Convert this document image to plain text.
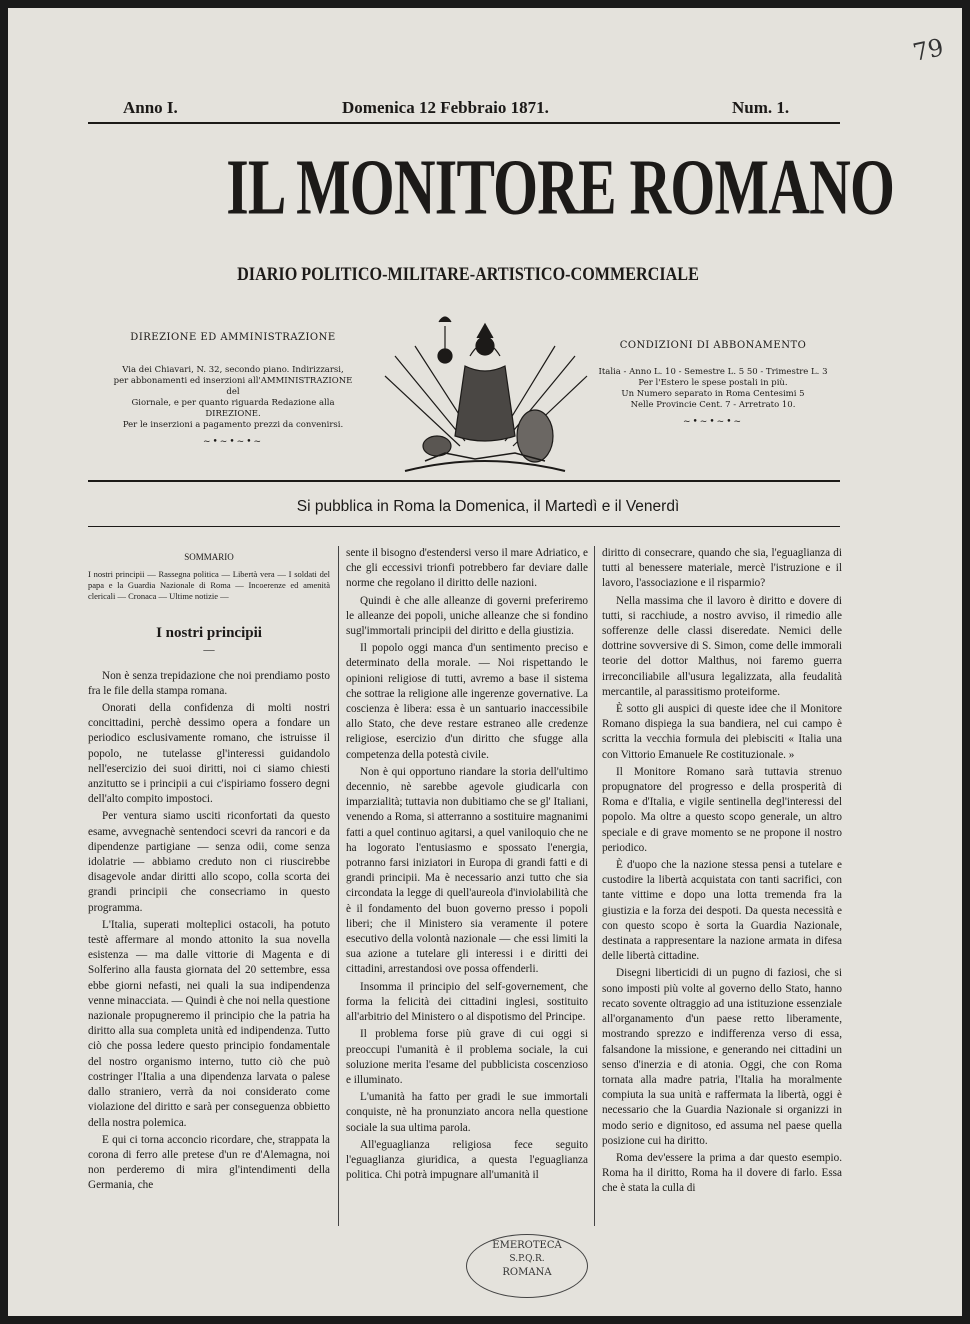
79
Anno I.	Domenica 12 Febbraio 1871.	Num. 1.
IL MONITORE ROMANO
DIARIO POLITICO-MILITARE-ARTISTICO-COMMERCIALE
DIREZIONE ED AMMINISTRAZIONE
Via dei Chiavari, N. 32, secondo piano. Indirizzarsi,
per abbonamenti ed inserzioni all'AMMINISTRAZIONE del
Giornale, e per quanto riguarda Redazione alla DIREZIONE.
Per le inserzioni a pagamento prezzi da convenirsi.
~•~•~•~
CONDIZIONI DI ABBONAMENTO
Italia - Anno L. 10 - Semestre L. 5 50 - Trimestre L. 3
Per l'Estero le spese postali in più.
Un Numero separato in Roma Centesimi 5
Nelle Provincie Cent. 7 - Arretrato 10.
~•~•~•~
Si pubblica in Roma la Domenica, il Martedì e il Venerdì
SOMMARIO
I nostri principii — Rassegna politica — Libertà vera — I soldati del papa e la Guardia Nazionale di Roma — Incoerenze ed amenità clericali — Cronaca — Ultime notizie —
I nostri principii
—

Non è senza trepidazione che noi prendiamo posto fra le file della stampa romana.

Onorati della confidenza di molti nostri concittadini, perchè dessimo opera a fondare un periodico esclusivamente romano, che istruisse il popolo, ne tutelasse gl'interessi guidandolo nell'esercizio dei suoi diritti, noi ci siamo chiesti anzitutto se i principii a cui c'ispiriamo fossero degni dell'alto compito impostoci.

Per ventura siamo usciti riconfortati da questo esame, avvegnachè sentendoci scevri da rancori e da dipendenze partigiane — senza odii, come senza idolatrie — abbiamo creduto non ci riuscirebbe disagevole andar diritti allo scopo, colla scorta dei grandi principii che consecriamo in questo programma.

L'Italia, superati molteplici ostacoli, ha potuto testè affermare al mondo attonito la sua novella esistenza — ma dalle vittorie di Magenta e di Solferino alla fausta giornata del 20 settembre, essa ebbe giorni nefasti, nei quali la sua indipendenza venne minacciata. — Quindi è che noi nella questione nazionale propugneremo il principio che la patria ha diritto alla sua completa unità ed indipendenza. Tutto ciò che possa ledere questo principio fondamentale del nostro organismo interno, tutto ciò che può costringer l'Italia a una dipendenza larvata o palese dallo straniero, verrà da noi considerato come violazione del diritto e sarà per conseguenza obbietto della nostra polemica.

E qui ci torna acconcio ricordare, che, strappata la corona di ferro alle pretese d'un re d'Alemagna, noi non perderemo di mira gl'intendimenti della Germania, che

sente il bisogno d'estendersi verso il mare Adriatico, e che gli eccessivi trionfi potrebbero far deviare dalle norme che regolano il diritto delle nazioni.

Quindi è che alle alleanze di governi preferiremo le alleanze dei popoli, uniche alleanze che si fondino sugl'immortali principii del diritto e della giustizia.

Il popolo oggi manca d'un sentimento preciso e determinato della morale. — Noi rispettando le opinioni religiose di tutti, avremo a base il sistema che sottrae la religione alle ingerenze governative. La coscienza è libera: essa è un santuario inaccessibile allo Stato, che deve restare estraneo alle credenze religiose, esercizio d'un diritto che sfugge alla competenza della potestà civile.

Non è qui opportuno riandare la storia dell'ultimo decennio, nè sarebbe agevole giudicarla con imparzialità; tuttavia non dubitiamo che se gl' Italiani, venendo a Roma, si atterranno a sostituire magnanimi fatti a quel continuo agitarsi, a quel vaniloquio che ne ha logorato l'entusiasmo e spossato l'energia, potranno farsi iniziatori in Europa di grandi fatti e di grandi principii. Ma è necessario anzi tutto che sia circondata la legge di quell'aureola d'inviolabilità che è il fondamento del buon governo presso i popoli liberi; che il Ministero sia veramente il potere esecutivo della volontà nazionale — che essi limiti la sua azione a tutelare gli interessi i e diritti dei cittadini, arrestandosi ove possa offenderli.

Insomma il principio del self-governement, che forma la felicità dei cittadini inglesi, sostituito all'arbitrio del Ministero o al dispotismo del Principe.

Il problema forse più grave di cui oggi si preoccupi l'umanità è il problema sociale, la cui soluzione merita l'esame del pubblicista coscenzioso e illuminato.

L'umanità ha fatto per gradi le sue immortali conquiste, nè ha pronunziato ancora nella questione sociale la sua ultima parola.

All'eguaglianza religiosa fece seguito l'eguaglianza giuridica, a questa l'eguaglianza politica. Chi potrà impugnare all'umanità il

diritto di consecrare, quando che sia, l'eguaglianza di tutti al benessere materiale, mercè l'istruzione e il lavoro, l'associazione e il risparmio?

Nella massima che il lavoro è diritto e dovere di tutti, si racchiude, a nostro avviso, il rimedio alle sofferenze delle classi diseredate. Nemici delle dottrine sovversive di S. Simon, come delle immorali teorie del dottor Malthus, noi faremo guerra irreconciliabile all'usura legalizzata, alla feudalità mercantile, al parassitismo proteiforme.

È sotto gli auspici di queste idee che il Monitore Romano dispiega la sua bandiera, nel cui campo è scritta la vecchia formula dei plebisciti « Italia una con Vittorio Emanuele Re costituzionale. »

Il Monitore Romano sarà tuttavia strenuo propugnatore del progresso e della prosperità di Roma e d'Italia, e vigile sentinella degl'interessi del popolo. Ma oltre a questo scopo generale, un altro speciale e di grave momento se ne propone il nostro periodico.

È d'uopo che la nazione stessa pensi a tutelare e custodire la libertà acquistata con tanti sacrifici, con tante vittime e dopo una lotta tremenda fra la giustizia e la forza dei despoti. Da questa necessità e con questo scopo è sorta la Guardia Nazionale, destinata a rappresentare la nazione armata in difesa delle libertà cittadine.

Disegni liberticidi di un pugno di faziosi, che si sono imposti più volte al governo dello Stato, hanno recato sovente oltraggio ad una istituzione essenziale all'organamento d'un paese retto liberamente, mostrando sprezzo e indifferenza verso di essa, falsandone la missione, e generando nei cittadini un senso d'inerzia e di atonia. Oggi, che con Roma tornata alla madre patria, l'Italia ha moralmente compiuta la sua unità e raffermata la libertà, oggi è necessario che la Guardia Nazionale si organizzi in modo serio e dignitoso, ed assuma nel paese quella posizione cui ha diritto.

Roma dev'essere la prima a dar questo esempio. Roma ha il diritto, Roma ha il dovere di farlo. Essa che è stata la culla di

EMEROTECA
S.P.Q.R.
ROMANA
